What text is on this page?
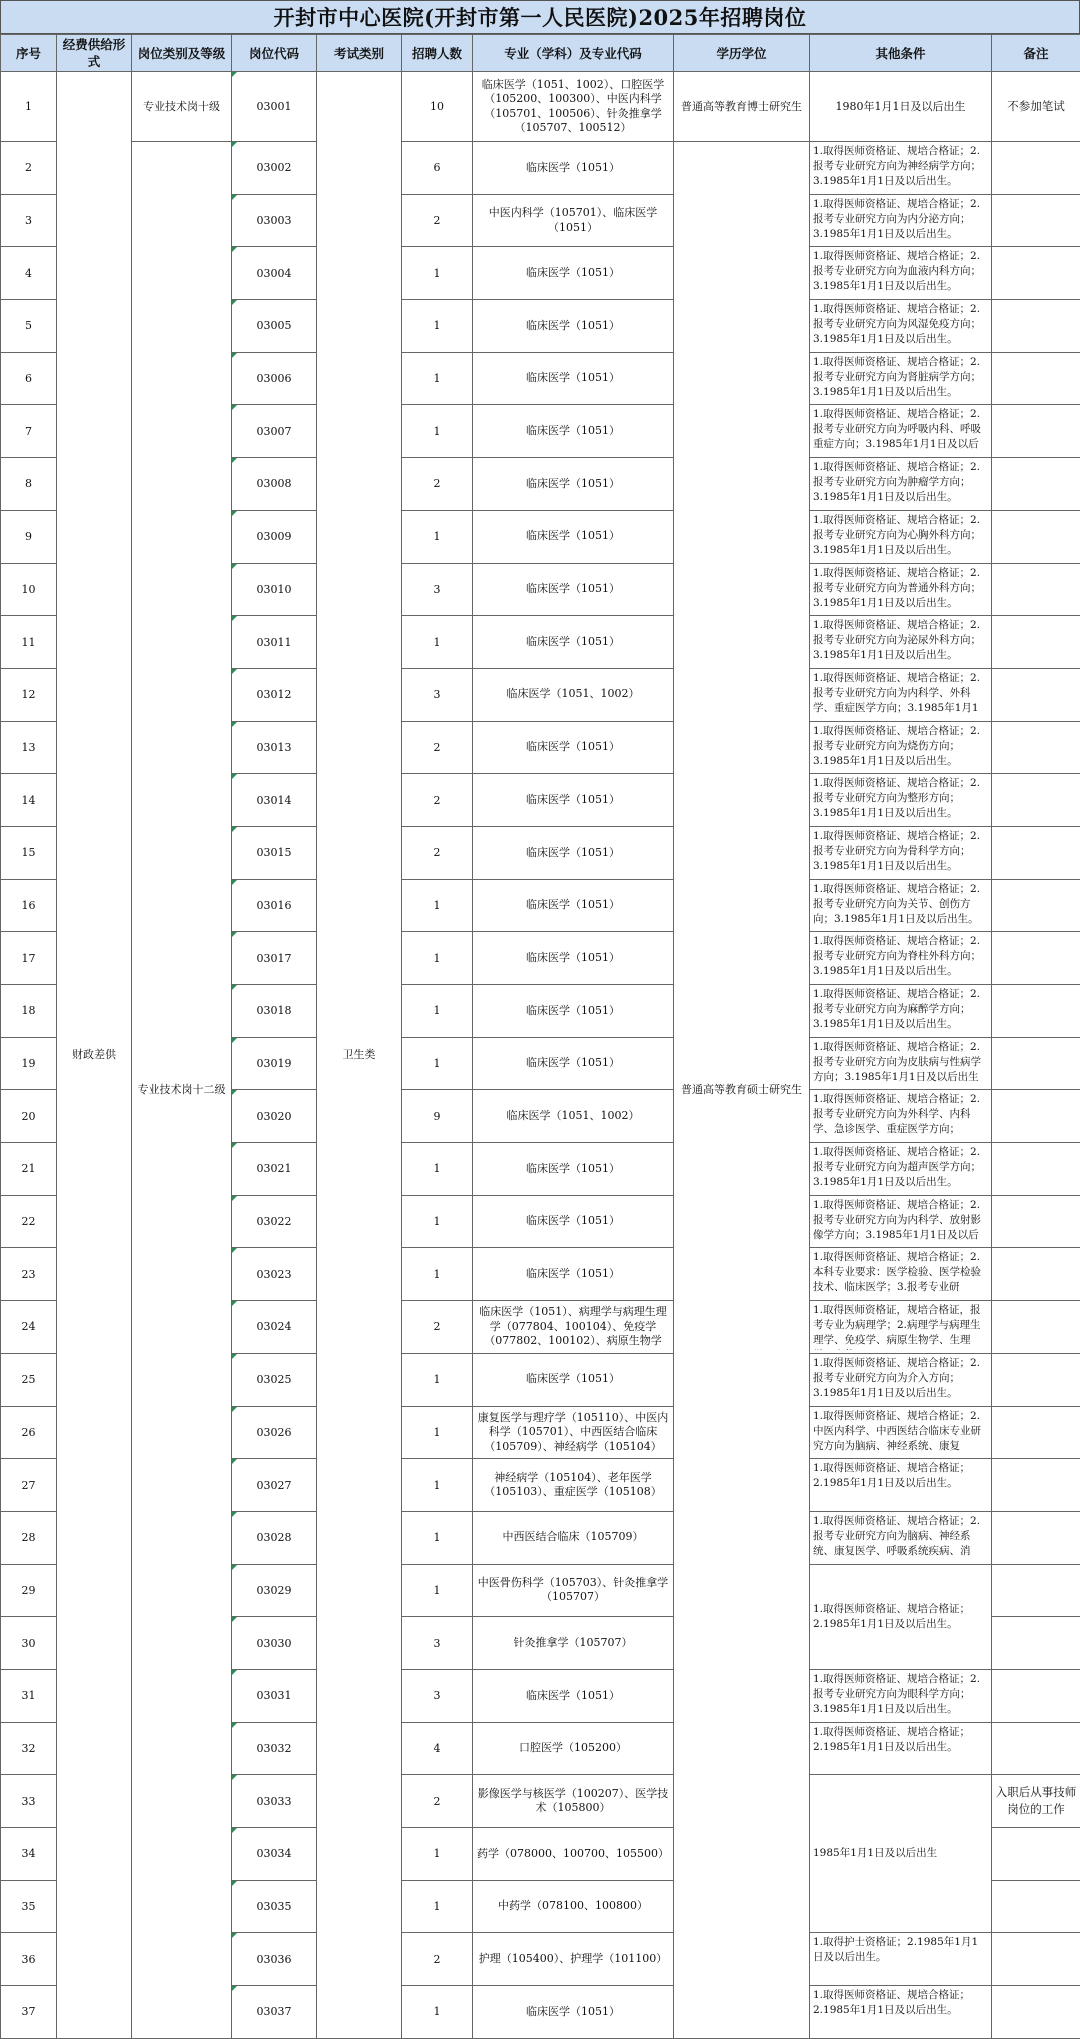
开封市中心医院(开封市第一人民医院)2025年招聘岗位
序号	经费供给形式	岗位类别及等级	岗位代码	考试类别	招聘人数	专业（学科）及专业代码	学历学位	其他条件	备注
1	财政差供	专业技术岗十级	03001	卫生类	10	临床医学（1051、1002）、口腔医学（105200、100300）、中医内科学（105701、100506）、针灸推拿学（105707、100512）	普通高等教育博士研究生	1980年1月1日及以后出生	不参加笔试
2		专业技术岗十二级	03002		6	临床医学（1051）	普通高等教育硕士研究生	1.取得医师资格证、规培合格证；2.报考专业研究方向为神经病学方向；3.1985年1月1日及以后出生。	

3			03003		2	中医内科学（105701）、临床医学（1051）		1.取得医师资格证、规培合格证；2.报考专业研究方向为内分泌方向；3.1985年1月1日及以后出生。	

4			03004		1	临床医学（1051）		1.取得医师资格证、规培合格证；2.报考专业研究方向为血液内科方向；3.1985年1月1日及以后出生。	

5			03005		1	临床医学（1051）		1.取得医师资格证、规培合格证；2.报考专业研究方向为风湿免疫方向；3.1985年1月1日及以后出生。	

6			03006		1	临床医学（1051）		1.取得医师资格证、规培合格证；2.报考专业研究方向为肾脏病学方向；3.1985年1月1日及以后出生。	

7			03007		1	临床医学（1051）		1.取得医师资格证、规培合格证；2.报考专业研究方向为呼吸内科、呼吸重症方向；3.1985年1月1日及以后	

8			03008		2	临床医学（1051）		1.取得医师资格证、规培合格证；2.报考专业研究方向为肿瘤学方向；3.1985年1月1日及以后出生。	

9			03009		1	临床医学（1051）		1.取得医师资格证、规培合格证；2.报考专业研究方向为心胸外科方向；3.1985年1月1日及以后出生。	

10			03010		3	临床医学（1051）		1.取得医师资格证、规培合格证；2.报考专业研究方向为普通外科方向；3.1985年1月1日及以后出生。	

11			03011		1	临床医学（1051）		1.取得医师资格证、规培合格证；2.报考专业研究方向为泌尿外科方向；3.1985年1月1日及以后出生。	

12			03012		3	临床医学（1051、1002）		1.取得医师资格证、规培合格证；2.报考专业研究方向为内科学、外科学、重症医学方向；3.1985年1月1	

13			03013		2	临床医学（1051）		1.取得医师资格证、规培合格证；2.报考专业研究方向为烧伤方向；3.1985年1月1日及以后出生。	

14			03014		2	临床医学（1051）		1.取得医师资格证、规培合格证；2.报考专业研究方向为整形方向；3.1985年1月1日及以后出生。	

15			03015		2	临床医学（1051）		1.取得医师资格证、规培合格证；2.报考专业研究方向为骨科学方向；3.1985年1月1日及以后出生。	

16			03016		1	临床医学（1051）		1.取得医师资格证、规培合格证；2.报考专业研究方向为关节、创伤方向；3.1985年1月1日及以后出生。	

17			03017		1	临床医学（1051）		1.取得医师资格证、规培合格证；2.报考专业研究方向为脊柱外科方向；3.1985年1月1日及以后出生。	

18			03018		1	临床医学（1051）		1.取得医师资格证、规培合格证；2.报考专业研究方向为麻醉学方向；3.1985年1月1日及以后出生。	

19			03019		1	临床医学（1051）		1.取得医师资格证、规培合格证；2.报考专业研究方向为皮肤病与性病学方向；3.1985年1月1日及以后出生	

20			03020		9	临床医学（1051、1002）		1.取得医师资格证、规培合格证；2.报考专业研究方向为外科学、内科学、急诊医学、重症医学方向；	

21			03021		1	临床医学（1051）		1.取得医师资格证、规培合格证；2.报考专业研究方向为超声医学方向；3.1985年1月1日及以后出生。	

22			03022		1	临床医学（1051）		1.取得医师资格证、规培合格证；2.报考专业研究方向为内科学、放射影像学方向；3.1985年1月1日及以后	

23			03023		1	临床医学（1051）		1.取得医师资格证、规培合格证；2.本科专业要求：医学检验、医学检验技术、临床医学；3.报考专业研	

24			03024		2	临床医学（1051）、病理学与病理生理学（077804、100104）、免疫学（077802、100102）、病原生物学		1.取得医师资格证，规培合格证，报考专业为病理学；2.病理学与病理生理学、免疫学、病原生物学、生理	

25			03025		1	临床医学（1051）		1.取得医师资格证、规培合格证；2.报考专业研究方向为介入方向；3.1985年1月1日及以后出生。	

26			03026		1	康复医学与理疗学（105110）、中医内科学（105701）、中西医结合临床（105709）、神经病学（105104）		1.取得医师资格证、规培合格证；2.中医内科学、中西医结合临床专业研究方向为脑病、神经系统、康复	

27			03027		1	神经病学（105104）、老年医学（105103）、重症医学（105108）		1.取得医师资格证、规培合格证；2.1985年1月1日及以后出生。	

28			03028		1	中西医结合临床（105709）		1.取得医师资格证、规培合格证；2.报考专业研究方向为脑病、神经系统、康复医学、呼吸系统疾病、消	

29			03029		1	中医骨伤科学（105703）、针灸推拿学（105707）		1.取得医师资格证、规培合格证；2.1985年1月1日及以后出生。	
30			03030		3	针灸推拿学（105707）			
31			03031		3	临床医学（1051）		1.取得医师资格证、规培合格证；2.报考专业研究方向为眼科学方向；3.1985年1月1日及以后出生。	

32			03032		4	口腔医学（105200）		1.取得医师资格证、规培合格证；2.1985年1月1日及以后出生。	

33			03033		2	影像医学与核医学（100207）、医学技术（105800）		1985年1月1日及以后出生	入职后从事技师岗位的工作
34			03034		1	药学（078000、100700、105500）			
35			03035		1	中药学（078100、100800）			
36			03036		2	护理（105400）、护理学（101100）		1.取得护士资格证；2.1985年1月1日及以后出生。	

37			03037		1	临床医学（1051）		1.取得医师资格证、规培合格证；2.1985年1月1日及以后出生。	
